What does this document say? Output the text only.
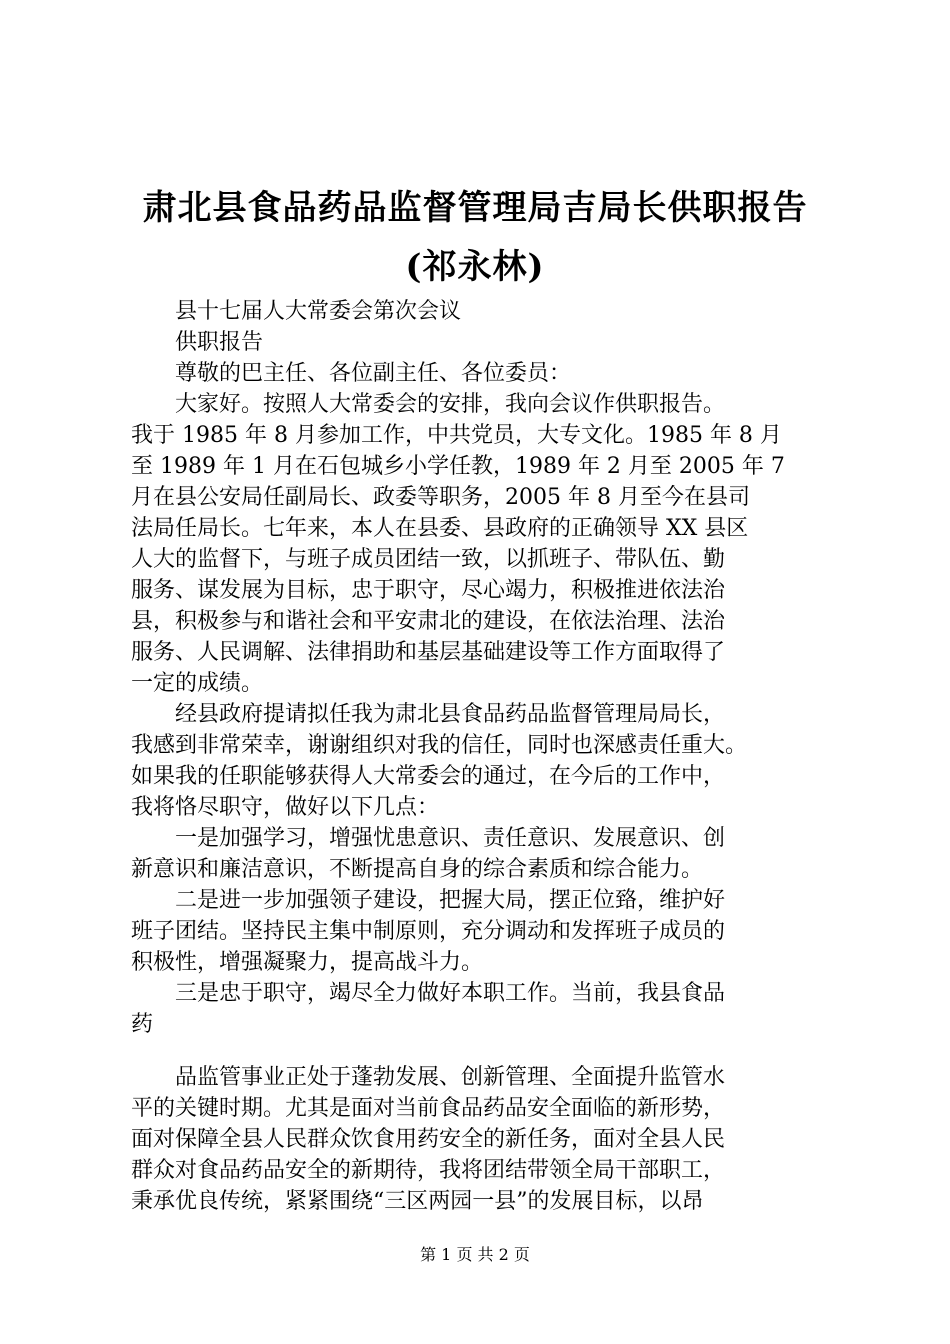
肃北县食品药品监督管理局吉局长供职报告
(祁永林)
　　县十七届人大常委会第次会议
　　供职报告
　　尊敬的巴主任、各位副主任、各位委员：
　　大家好。按照人大常委会的安排，我向会议作供职报告。
我于 1985 年 8 月参加工作，中共党员，大专文化。1985 年 8 月
至 1989 年 1 月在石包城乡小学任教，1989 年 2 月至 2005 年 7
月在县公安局任副局长、政委等职务，2005 年 8 月至今在县司
法局任局长。七年来，本人在县委、县政府的正确领导 XX 县区
人大的监督下，与班子成员团结一致，以抓班子、带队伍、勤
服务、谋发展为目标，忠于职守，尽心竭力，积极推进依法治
县，积极参与和谐社会和平安肃北的建设，在依法治理、法治
服务、人民调解、法律捐助和基层基础建设等工作方面取得了
一定的成绩。
　　经县政府提请拟任我为肃北县食品药品监督管理局局长，
我感到非常荣幸，谢谢组织对我的信任，同时也深感责任重大。
如果我的任职能够获得人大常委会的通过，在今后的工作中，
我将恪尽职守，做好以下几点：
　　一是加强学习，增强忧患意识、责任意识、发展意识、创
新意识和廉洁意识，不断提高自身的综合素质和综合能力。
　　二是进一步加强领子建设，把握大局，摆正位臵，维护好
班子团结。坚持民主集中制原则，充分调动和发挥班子成员的
积极性，增强凝聚力，提高战斗力。
　　三是忠于职守，竭尽全力做好本职工作。当前，我县食品
药
　　品监管事业正处于蓬勃发展、创新管理、全面提升监管水
平的关键时期。尤其是面对当前食品药品安全面临的新形势，
面对保障全县人民群众饮食用药安全的新任务，面对全县人民
群众对食品药品安全的新期待，我将团结带领全局干部职工，
秉承优良传统，紧紧围绕“三区两园一县”的发展目标，以昂
第 1 页 共 2 页
